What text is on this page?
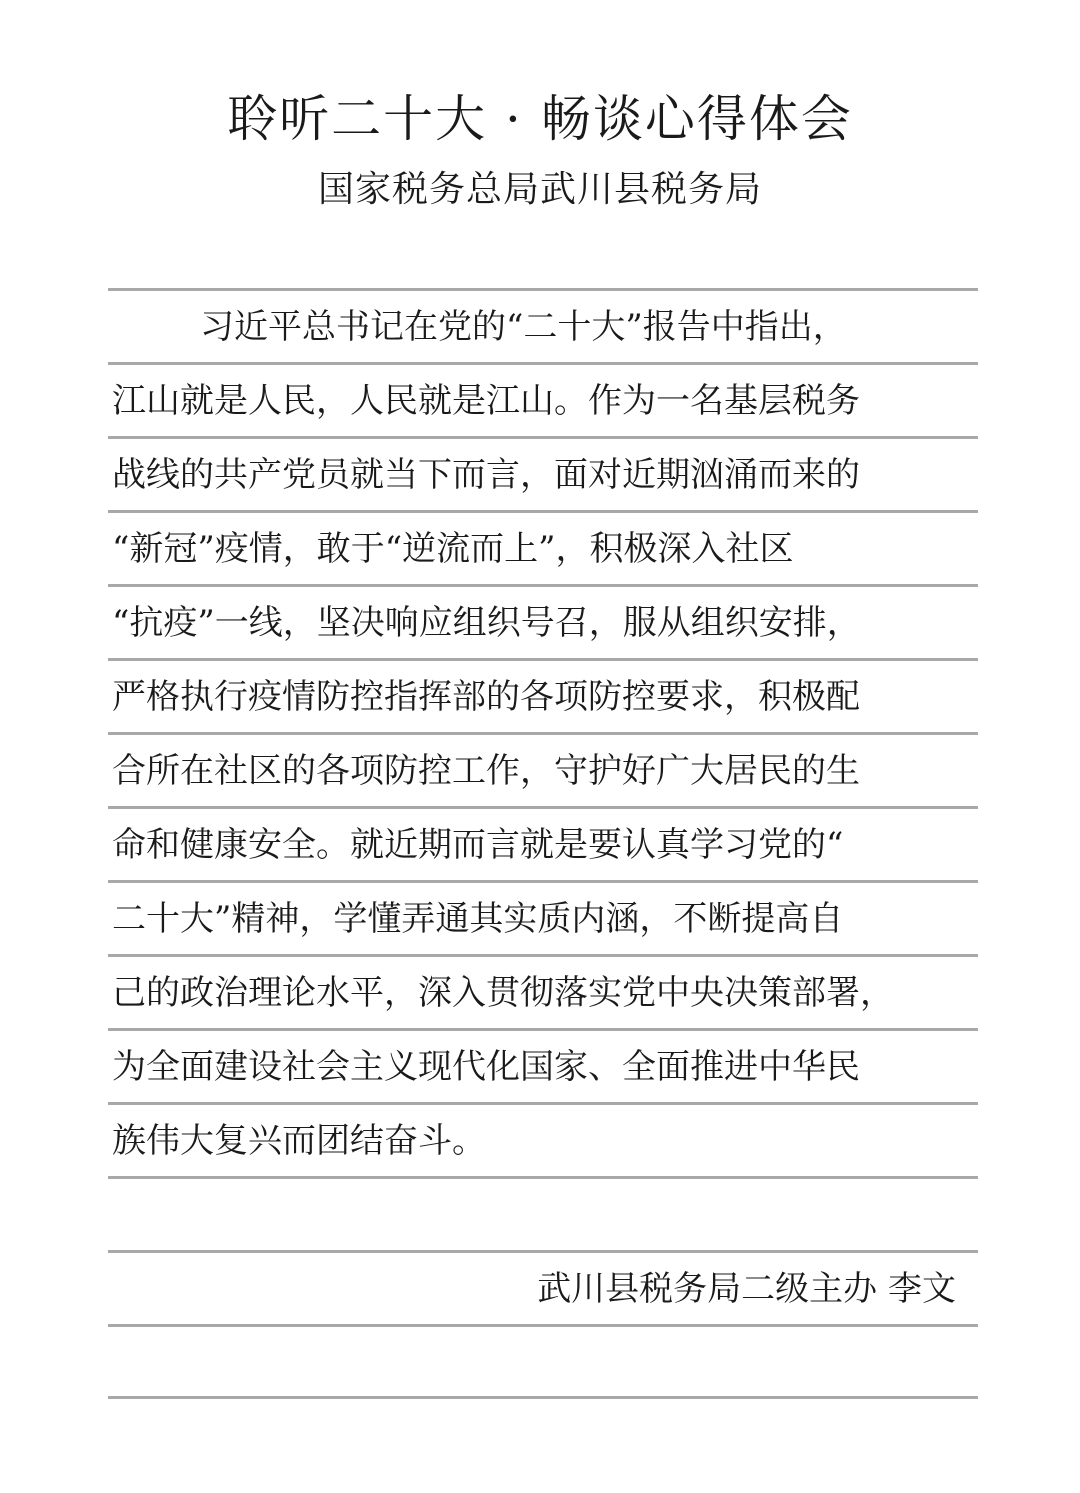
聆听二十大 · 畅谈心得体会
国家税务总局武川县税务局
习近平总书记在党的“二十大”报告中指出，
江山就是人民，人民就是江山。作为一名基层税务
战线的共产党员就当下而言，面对近期汹涌而来的
“新冠”疫情，敢于“逆流而上”，积极深入社区
“抗疫”一线，坚决响应组织号召，服从组织安排，
严格执行疫情防控指挥部的各项防控要求，积极配
合所在社区的各项防控工作，守护好广大居民的生
命和健康安全。就近期而言就是要认真学习党的“
二十大”精神，学懂弄通其实质内涵，不断提高自
己的政治理论水平，深入贯彻落实党中央决策部署，
为全面建设社会主义现代化国家、全面推进中华民
族伟大复兴而团结奋斗。
武川县税务局二级主办 李文
